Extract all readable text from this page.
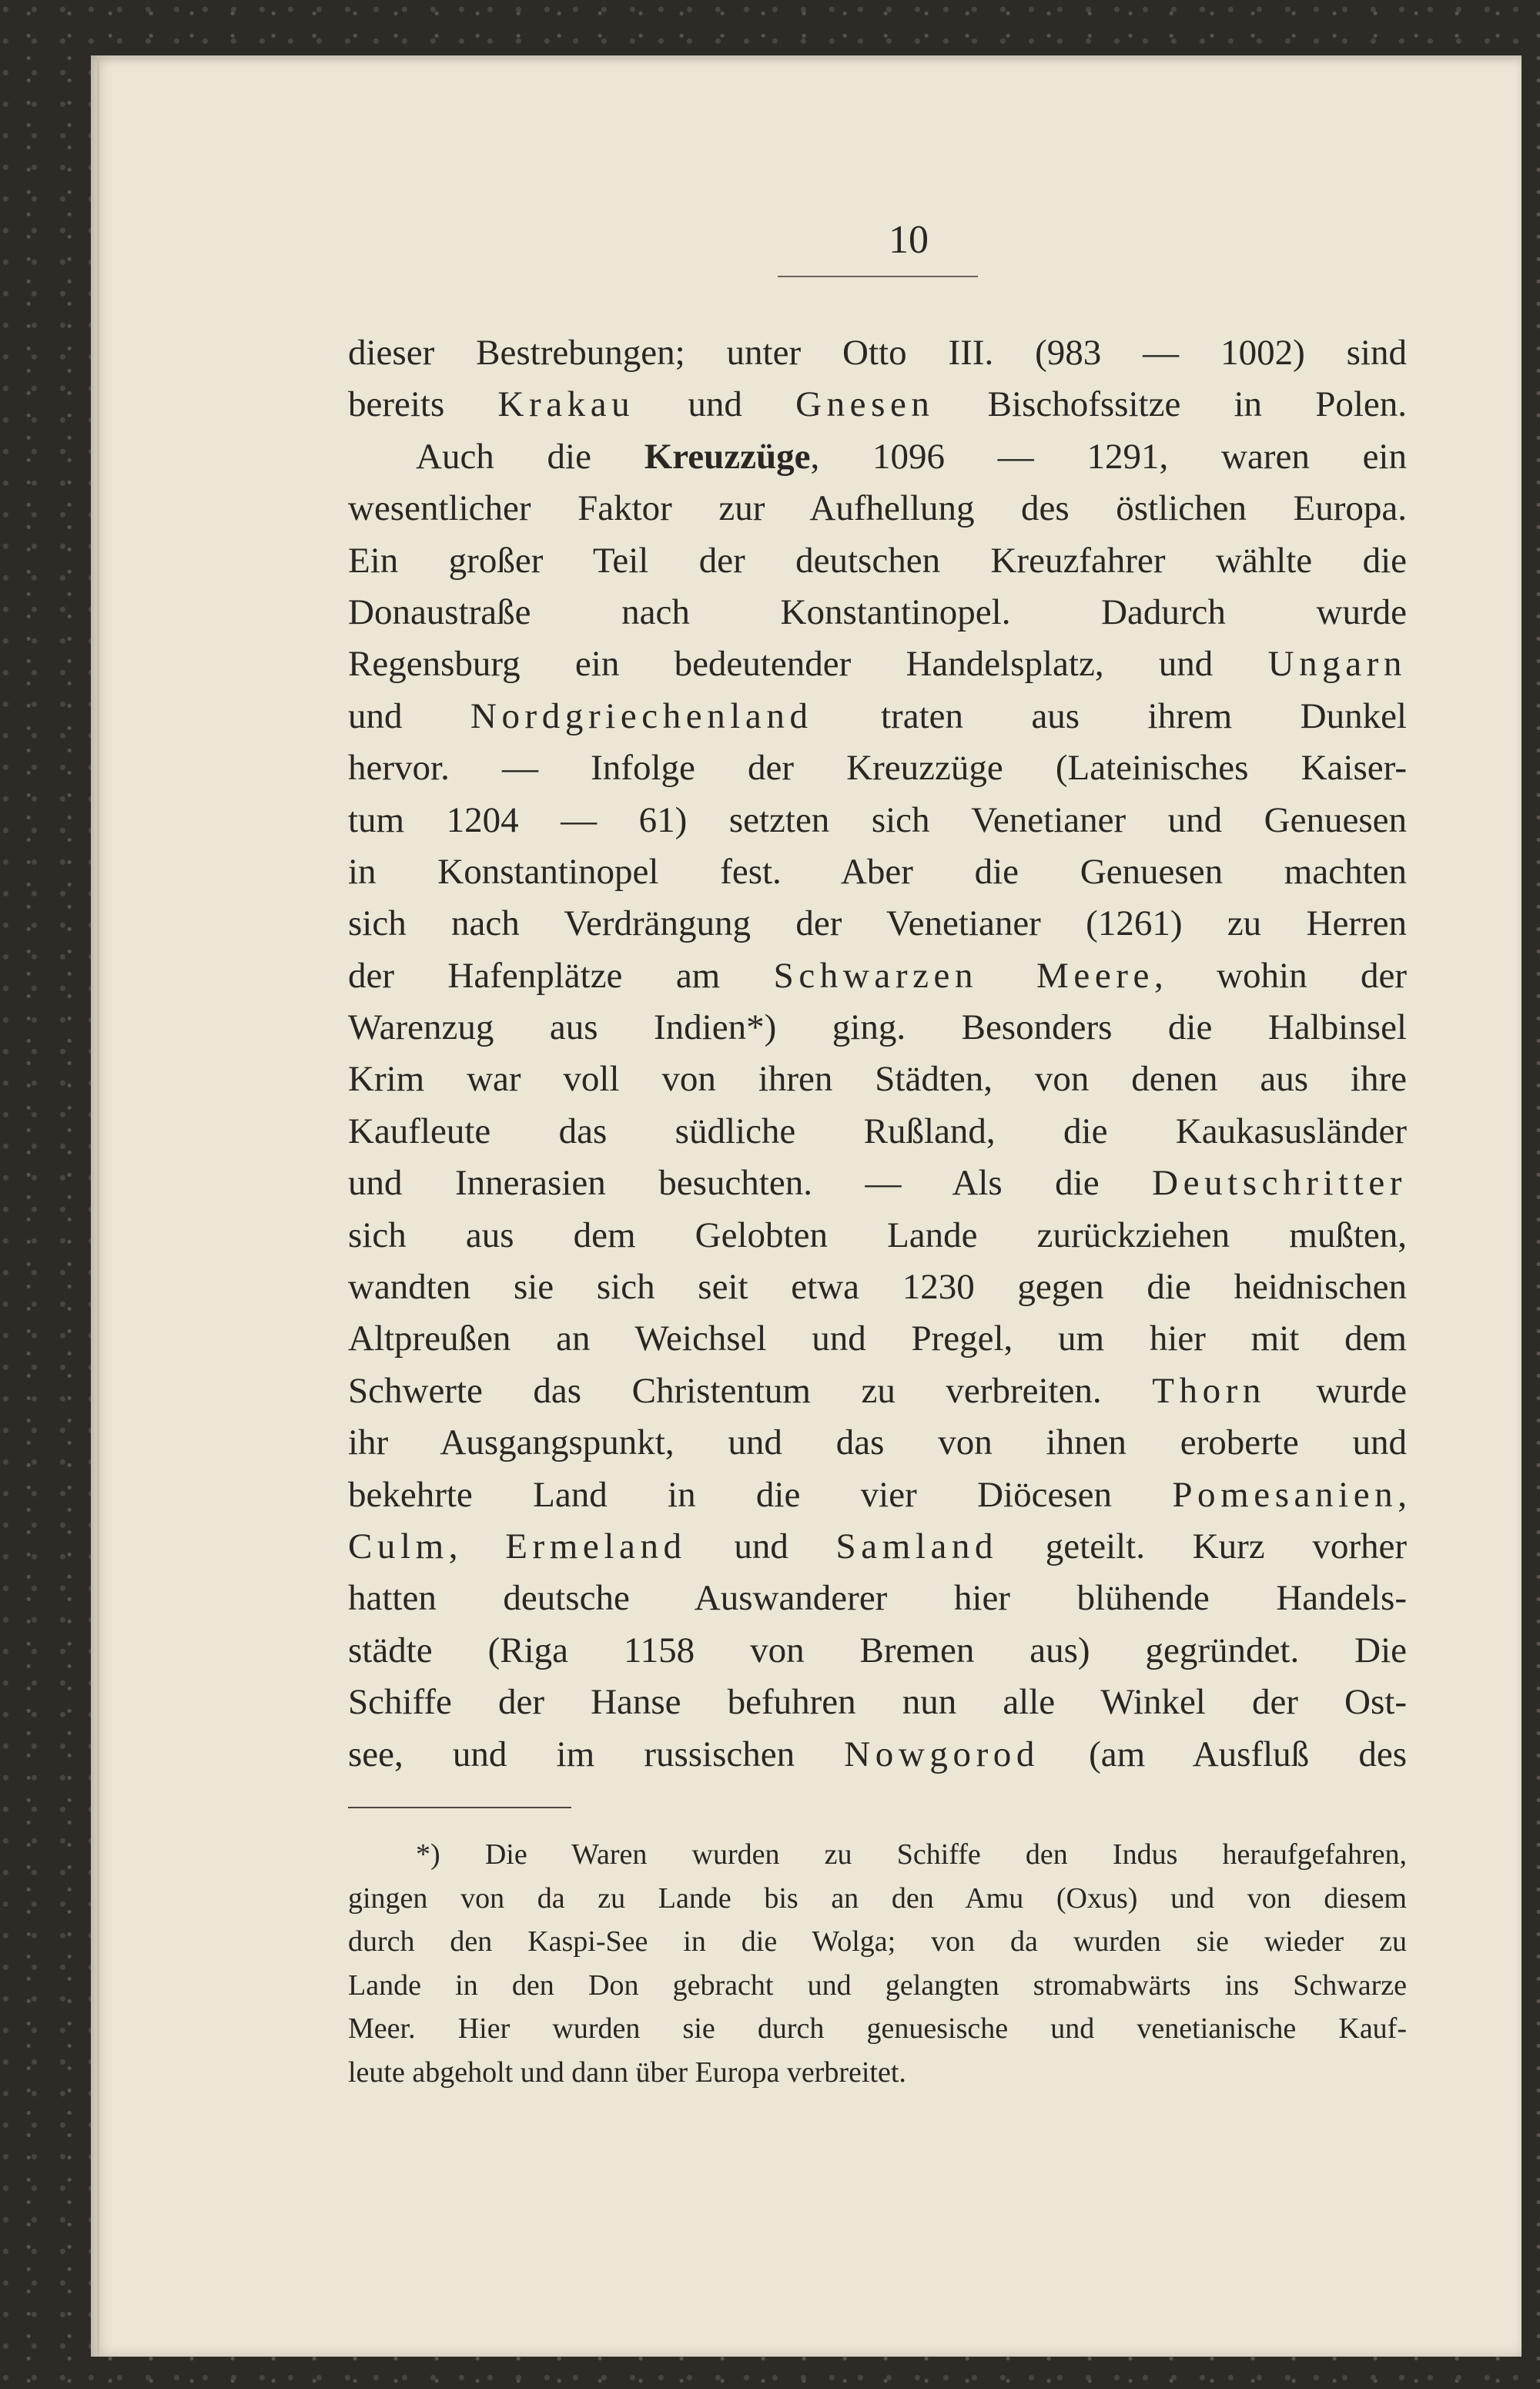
10
dieser Bestrebungen; unter Otto III. (983 — 1002) sind
bereits Krakau und Gnesen Bischofssitze in Polen.
Auch die Kreuzzüge, 1096 — 1291, waren ein
wesentlicher Faktor zur Aufhellung des östlichen Europa.
Ein großer Teil der deutschen Kreuzfahrer wählte die
Donaustraße nach Konstantinopel. Dadurch wurde
Regensburg ein bedeutender Handelsplatz, und Ungarn
und Nordgriechenland traten aus ihrem Dunkel
hervor. — Infolge der Kreuzzüge (Lateinisches Kaiser-
tum 1204 — 61) setzten sich Venetianer und Genuesen
in Konstantinopel fest. Aber die Genuesen machten
sich nach Verdrängung der Venetianer (1261) zu Herren
der Hafenplätze am Schwarzen Meere, wohin der
Warenzug aus Indien*) ging. Besonders die Halbinsel
Krim war voll von ihren Städten, von denen aus ihre
Kaufleute das südliche Rußland, die Kaukasusländer
und Innerasien besuchten. — Als die Deutschritter
sich aus dem Gelobten Lande zurückziehen mußten,
wandten sie sich seit etwa 1230 gegen die heidnischen
Altpreußen an Weichsel und Pregel, um hier mit dem
Schwerte das Christentum zu verbreiten. Thorn wurde
ihr Ausgangspunkt, und das von ihnen eroberte und
bekehrte Land in die vier Diöcesen Pomesanien,
Culm, Ermeland und Samland geteilt. Kurz vorher
hatten deutsche Auswanderer hier blühende Handels-
städte (Riga 1158 von Bremen aus) gegründet. Die
Schiffe der Hanse befuhren nun alle Winkel der Ost-
see, und im russischen Nowgorod (am Ausfluß des
*) Die Waren wurden zu Schiffe den Indus heraufgefahren,
gingen von da zu Lande bis an den Amu (Oxus) und von diesem
durch den Kaspi-See in die Wolga; von da wurden sie wieder zu
Lande in den Don gebracht und gelangten stromabwärts ins Schwarze
Meer. Hier wurden sie durch genuesische und venetianische Kauf-
leute abgeholt und dann über Europa verbreitet.
